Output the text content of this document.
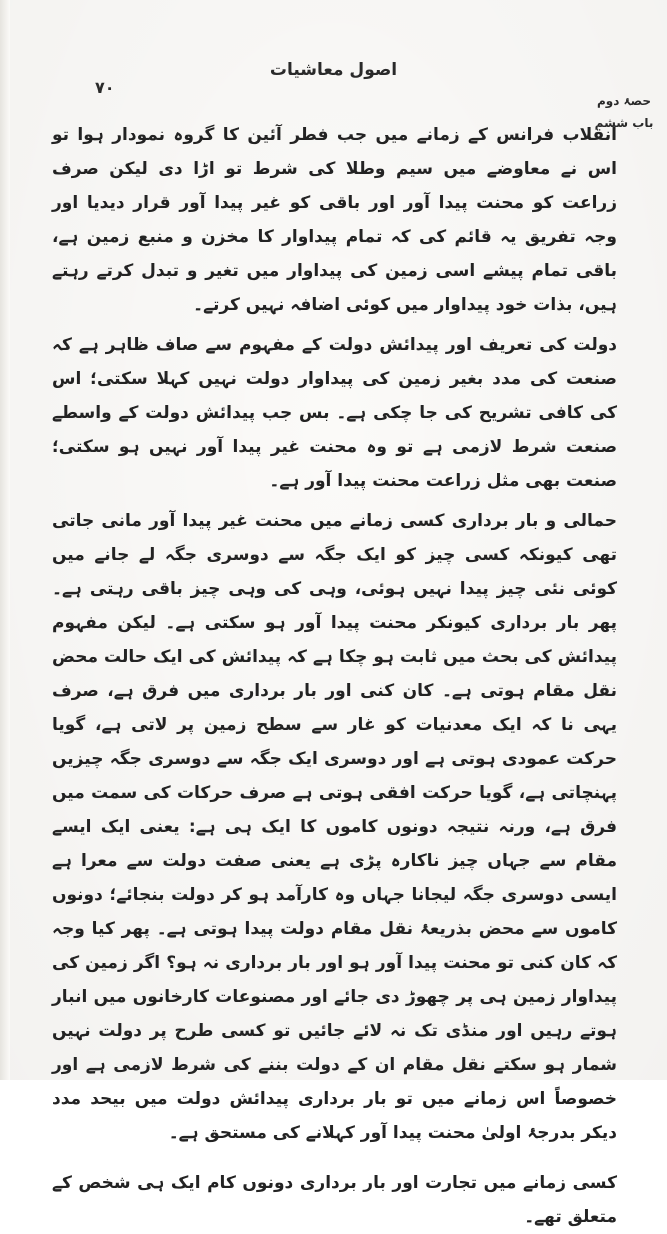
اصول معاشیات
۷۰
حصۂ دوم
باب ششم

انقلاب فرانس کے زمانے میں جب فطر آئین کا گروہ نمودار ہوا تو اس نے معاوضے میں سیم وطلا کی شرط تو اڑا دی لیکن صرف زراعت کو محنت پیدا آور اور باقی کو غیر پیدا آور قرار دیدیا اور وجہ تفریق یہ قائم کی کہ تمام پیداوار کا مخزن و منبع زمین ہے، باقی تمام پیشے اسی زمین کی پیداوار میں تغیر و تبدل کرتے رہتے ہیں، بذات خود پیداوار میں کوئی اضافہ نہیں کرتے۔

دولت کی تعریف اور پیدائش دولت کے مفہوم سے صاف ظاہر ہے کہ صنعت کی مدد بغیر زمین کی پیداوار دولت نہیں کہلا سکتی؛ اس کی کافی تشریح کی جا چکی ہے۔ بس جب پیدائش دولت کے واسطے صنعت شرط لازمی ہے تو وہ محنت غیر پیدا آور نہیں ہو سکتی؛ صنعت بھی مثل زراعت محنت پیدا آور ہے۔

حمالی و بار برداری کسی زمانے میں محنت غیر پیدا آور مانی جاتی تھی کیونکہ کسی چیز کو ایک جگہ سے دوسری جگہ لے جانے میں کوئی نئی چیز پیدا نہیں ہوئی، وہی کی وہی چیز باقی رہتی ہے۔ پھر بار برداری کیونکر محنت پیدا آور ہو سکتی ہے۔ لیکن مفہوم پیدائش کی بحث میں ثابت ہو چکا ہے کہ پیدائش کی ایک حالت محض نقل مقام ہوتی ہے۔ کان کنی اور بار برداری میں فرق ہے، صرف یہی نا کہ ایک معدنیات کو غار سے سطح زمین پر لاتی ہے، گویا حرکت عمودی ہوتی ہے اور دوسری ایک جگہ سے دوسری جگہ چیزیں پہنچاتی ہے، گویا حرکت افقی ہوتی ہے صرف حرکات کی سمت میں فرق ہے، ورنہ نتیجہ دونوں کاموں کا ایک ہی ہے: یعنی ایک ایسے مقام سے جہاں چیز ناکارہ پڑی ہے یعنی صفت دولت سے معرا ہے ایسی دوسری جگہ لیجانا جہاں وہ کارآمد ہو کر دولت بنجائے؛ دونوں کاموں سے محض بذریعۂ نقل مقام دولت پیدا ہوتی ہے۔ پھر کیا وجہ کہ کان کنی تو محنت پیدا آور ہو اور بار برداری نہ ہو؟ اگر زمین کی پیداوار زمین ہی پر چھوڑ دی جائے اور مصنوعات کارخانوں میں انبار ہوتے رہیں اور منڈی تک نہ لائے جائیں تو کسی طرح پر دولت نہیں شمار ہو سکتے نقل مقام ان کے دولت بننے کی شرط لازمی ہے اور خصوصاً اس زمانے میں تو بار برداری پیدائش دولت میں بیحد مدد دیکر بدرجۂ اولیٰ محنت پیدا آور کہلانے کی مستحق ہے۔

کسی زمانے میں تجارت اور بار برداری دونوں کام ایک ہی شخص کے متعلق تھے۔
